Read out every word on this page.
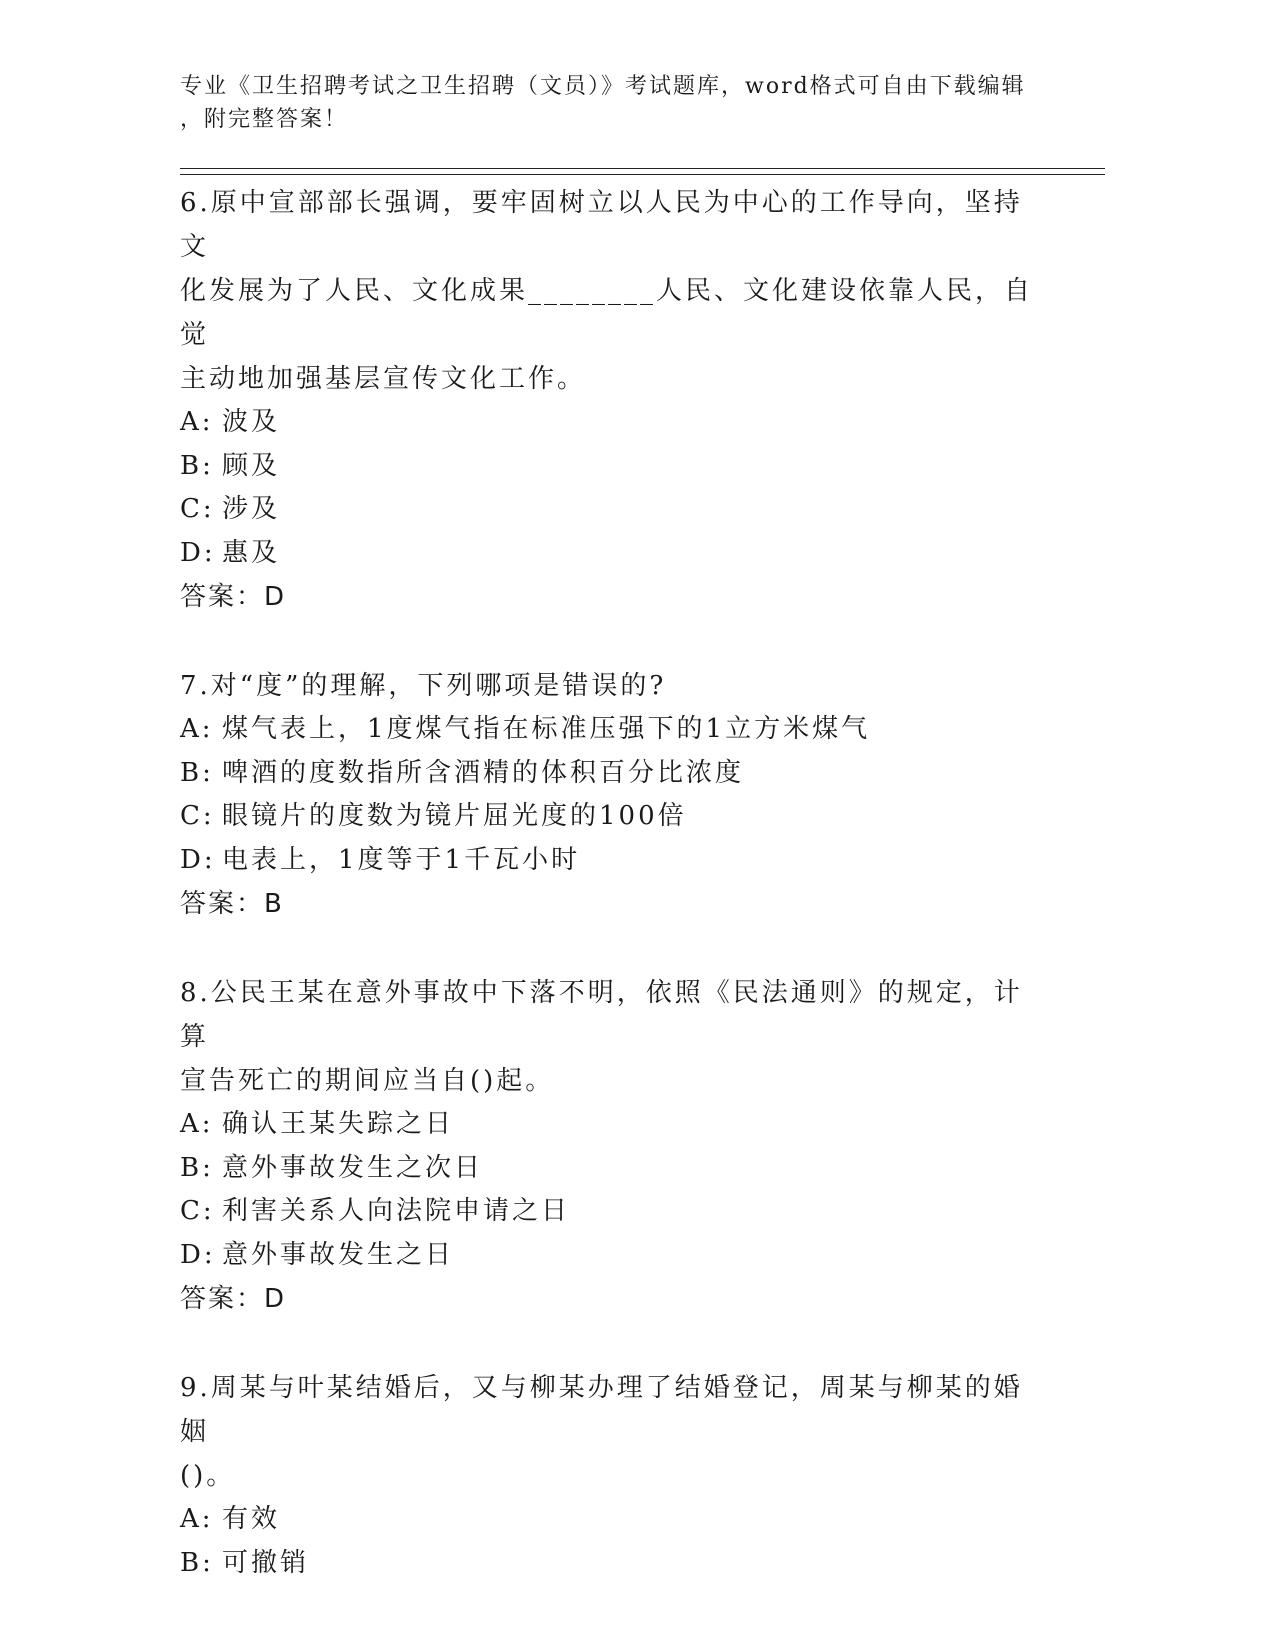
专业《卫生招聘考试之卫生招聘（文员）》考试题库，word格式可自由下载编辑
，附完整答案！
6.原中宣部部长强调，要牢固树立以人民为中心的工作导向，坚持文
化发展为了人民、文化成果________人民、文化建设依靠人民，自觉
主动地加强基层宣传文化工作。
A: 波及
B: 顾及
C: 涉及
D: 惠及
答案：D
7.对“度”的理解，下列哪项是错误的?
A: 煤气表上，1度煤气指在标准压强下的1立方米煤气
B: 啤酒的度数指所含酒精的体积百分比浓度
C: 眼镜片的度数为镜片屈光度的100倍
D: 电表上，1度等于1千瓦小时
答案：B
8.公民王某在意外事故中下落不明，依照《民法通则》的规定，计算
宣告死亡的期间应当自()起。
A: 确认王某失踪之日
B: 意外事故发生之次日
C: 利害关系人向法院申请之日
D: 意外事故发生之日
答案：D
9.周某与叶某结婚后，又与柳某办理了结婚登记，周某与柳某的婚姻
()。
A: 有效
B: 可撤销
